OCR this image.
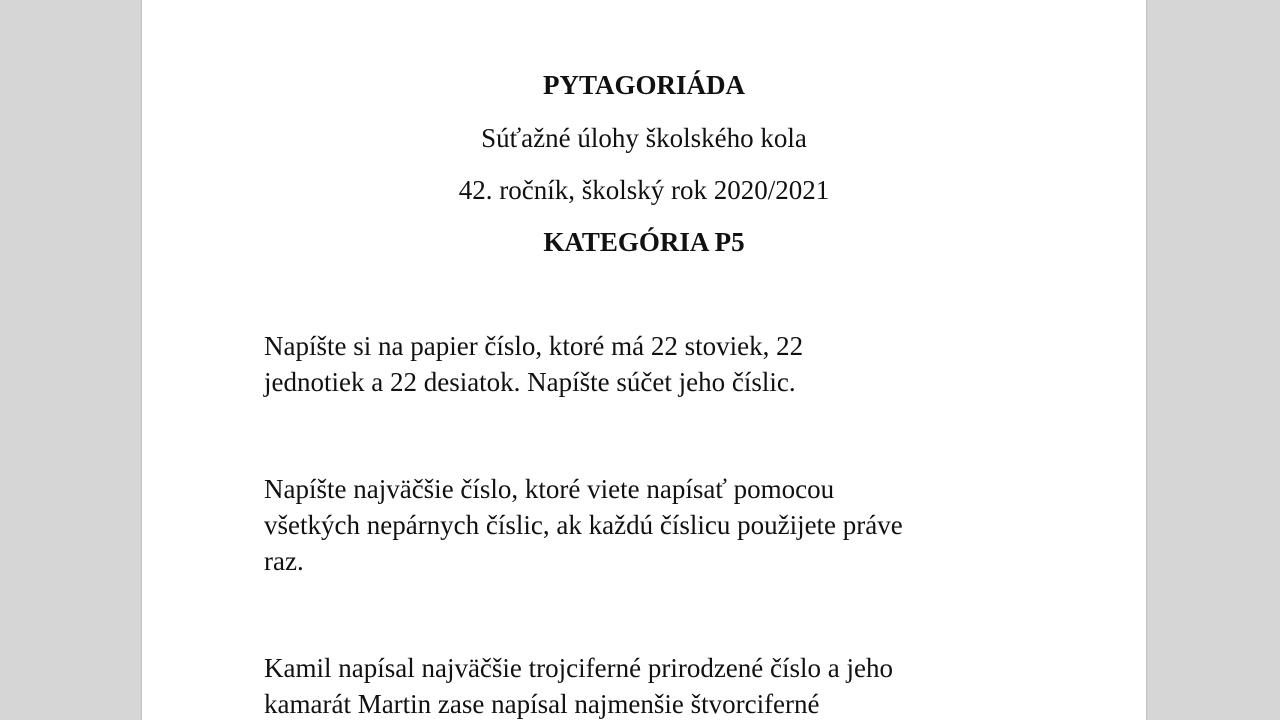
PYTAGORIÁDA

Súťažné úlohy školského kola

42. ročník, školský rok 2020/2021

KATEGÓRIA P5

Napíšte si na papier číslo, ktoré má 22 stoviek, 22
jednotiek a 22 desiatok. Napíšte súčet jeho číslic.
Napíšte najväčšie číslo, ktoré viete napísať pomocou
všetkých nepárnych číslic, ak každú číslicu použijete práve
raz.
Kamil napísal najväčšie trojciferné prirodzené číslo a jeho
kamarát Martin zase napísal najmenšie štvorciferné
